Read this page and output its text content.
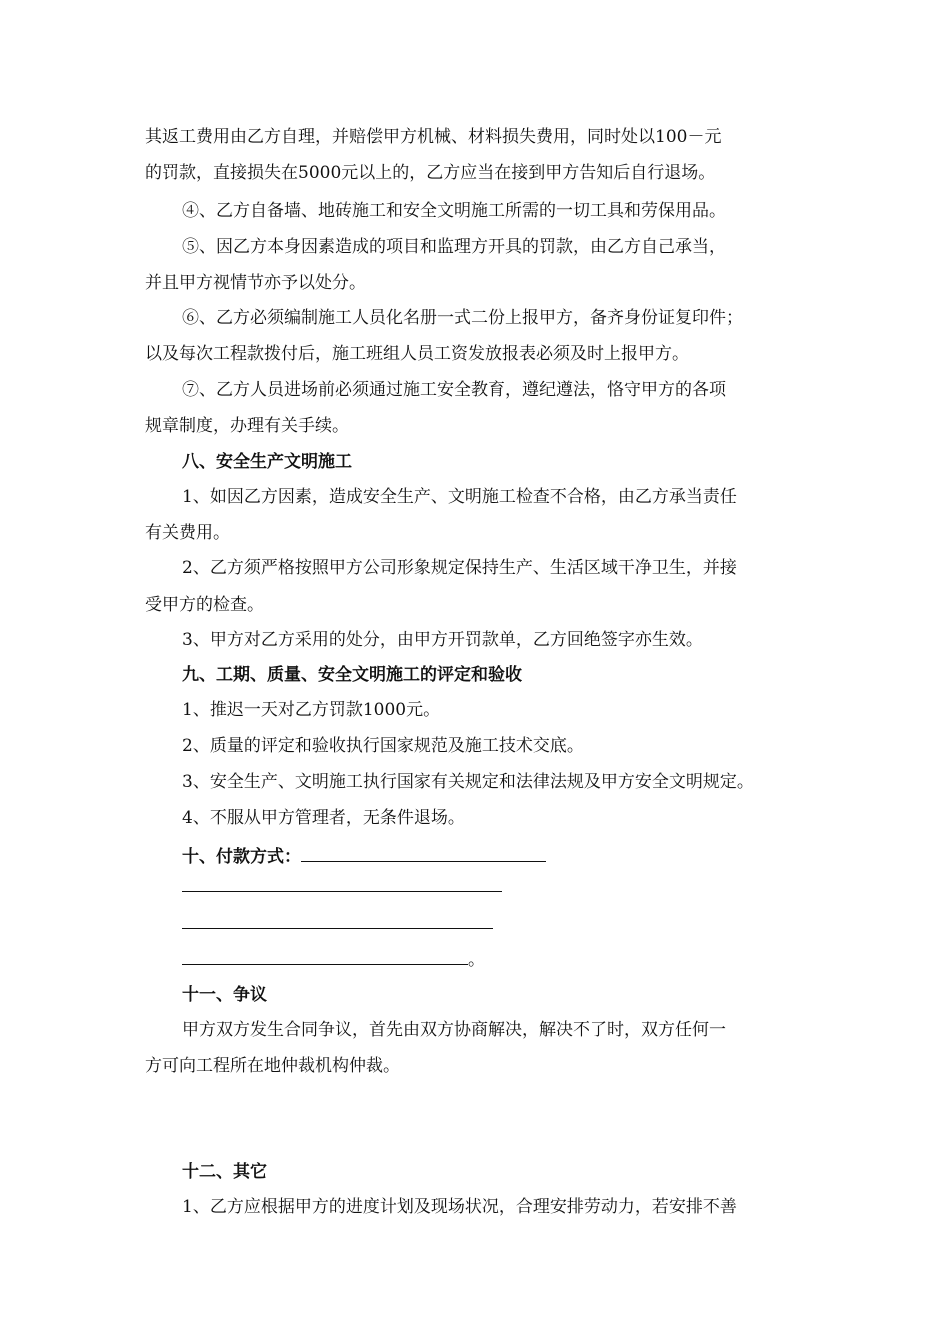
其返工费用由乙方自理，并赔偿甲方机械、材料损失费用，同时处以100－元
的罚款，直接损失在5000元以上的，乙方应当在接到甲方告知后自行退场。
④、乙方自备墙、地砖施工和安全文明施工所需的一切工具和劳保用品。
⑤、因乙方本身因素造成的项目和监理方开具的罚款，由乙方自己承当，
并且甲方视情节亦予以处分。
⑥、乙方必须编制施工人员化名册一式二份上报甲方，备齐身份证复印件；
以及每次工程款拨付后，施工班组人员工资发放报表必须及时上报甲方。
⑦、乙方人员进场前必须通过施工安全教育，遵纪遵法，恪守甲方的各项
规章制度，办理有关手续。
八、安全生产文明施工
1、如因乙方因素，造成安全生产、文明施工检查不合格，由乙方承当责任
有关费用。
2、乙方须严格按照甲方公司形象规定保持生产、生活区域干净卫生，并接
受甲方的检查。
3、甲方对乙方采用的处分，由甲方开罚款单，乙方回绝签字亦生效。
九、工期、质量、安全文明施工的评定和验收
1、推迟一天对乙方罚款1000元。
2、质量的评定和验收执行国家规范及施工技术交底。
3、安全生产、文明施工执行国家有关规定和法律法规及甲方安全文明规定。
4、不服从甲方管理者，无条件退场。
十、付款方式：
。
十一、争议
甲方双方发生合同争议，首先由双方协商解决，解决不了时，双方任何一
方可向工程所在地仲裁机构仲裁。
十二、其它
1、乙方应根据甲方的进度计划及现场状况，合理安排劳动力，若安排不善
